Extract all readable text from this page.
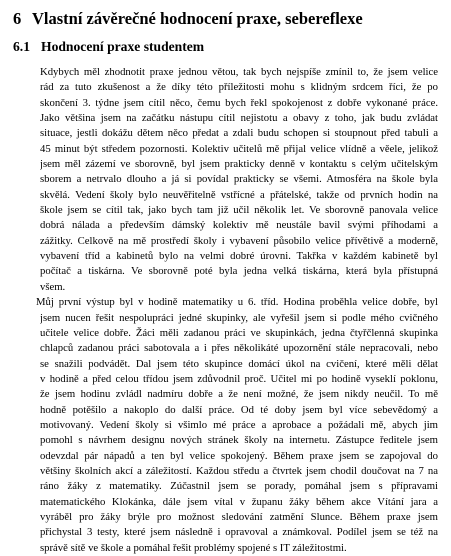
6 Vlastní závěrečné hodnocení praxe, sebereflexe
6.1 Hodnocení praxe studentem
Kdybych měl zhodnotit praxe jednou větou, tak bych nejspíše zmínil to, že jsem velice
rád za tuto zkušenost a že díky této příležitosti mohu s klidným srdcem říci, že po
skončení 3. týdne jsem cítil něco, čemu bych řekl spokojenost z dobře vykonané práce.
Jako většina jsem na začátku nástupu cítil nejistotu a obavy z toho, jak budu zvládat
situace, jestli dokážu dětem něco předat a zdali budu schopen si stoupnout před tabuli a
45 minut být středem pozornosti. Kolektiv učitelů mě přijal velice vlídně a věele, jelikož
jsem měl zázemí ve sborovně, byl jsem prakticky denně v kontaktu s celým učitelským
sborem a netrvalo dlouho a já si povídal prakticky se všemi. Atmosféra na škole byla
skvělá. Vedení školy bylo neuvěřitelně vstřícné a přátelské, takže od prvních hodin na
škole jsem se cítil tak, jako bych tam již učil několik let. Ve sborovně panovala velice
dobrá nálada a především dámský kolektiv mě neustále bavil svými příhodami a
zážitky. Celkově na mě prostředí školy i vybavení působilo velice přívětivě a moderně,
vybavení tříd a kabinetů bylo na velmi dobré úrovni. Takřka v každém kabinetě byl
počítač a tiskárna. Ve sborovně poté byla jedna velká tiskárna, která byla přístupná
všem.
Můj první výstup byl v hodině matematiky u 6. tříd. Hodina proběhla velice dobře, byl
jsem nucen řešit nespolupráci jedné skupinky, ale vyřešil jsem si podle mého cvičného
učitele velice dobře. Žáci měli zadanou práci ve skupinkách, jedna čtyřčlenná skupinka
chlapců zadanou práci sabotovala a i přes několikáté upozornění stále nepracovali, nebo
se snažili podvádět. Dal jsem této skupince domácí úkol na cvičení, které měli dělat
v hodině a před celou třídou jsem zdůvodnil proč. Učitel mi po hodině vyseklí poklonu,
že jsem hodinu zvládl nadmíru dobře a že není možné, že jsem nikdy neučil. To mě
hodně potěšilo a nakoplo do další práce. Od té doby jsem byl více sebevědomý a
motivovaný. Vedení školy si všimlo mé práce a aprobace a požádali mě, abych jim
pomohl s návrhem designu nových stránek školy na internetu. Zástupce ředitele jsem
odevzdal pár nápadů a ten byl velice spokojený. Během praxe jsem se zapojoval do
většiny školních akcí a záležitostí. Každou středu a čtvrtek jsem chodil doučovat na 7 na
ráno žáky z matematiky. Zúčastnil jsem se porady, pomáhal jsem s přípravami
matematického Klokánka, dále jsem vítal v županu žáky během akce Vítání jara a
vyráběl pro žáky brýle pro možnost sledování zatmění Slunce. Během praxe jsem
přichystal 3 testy, které jsem následně i opravoval a známkoval. Podílel jsem se též na
správě sítě ve škole a pomáhal řešit problémy spojené s IT záležitostmi.
